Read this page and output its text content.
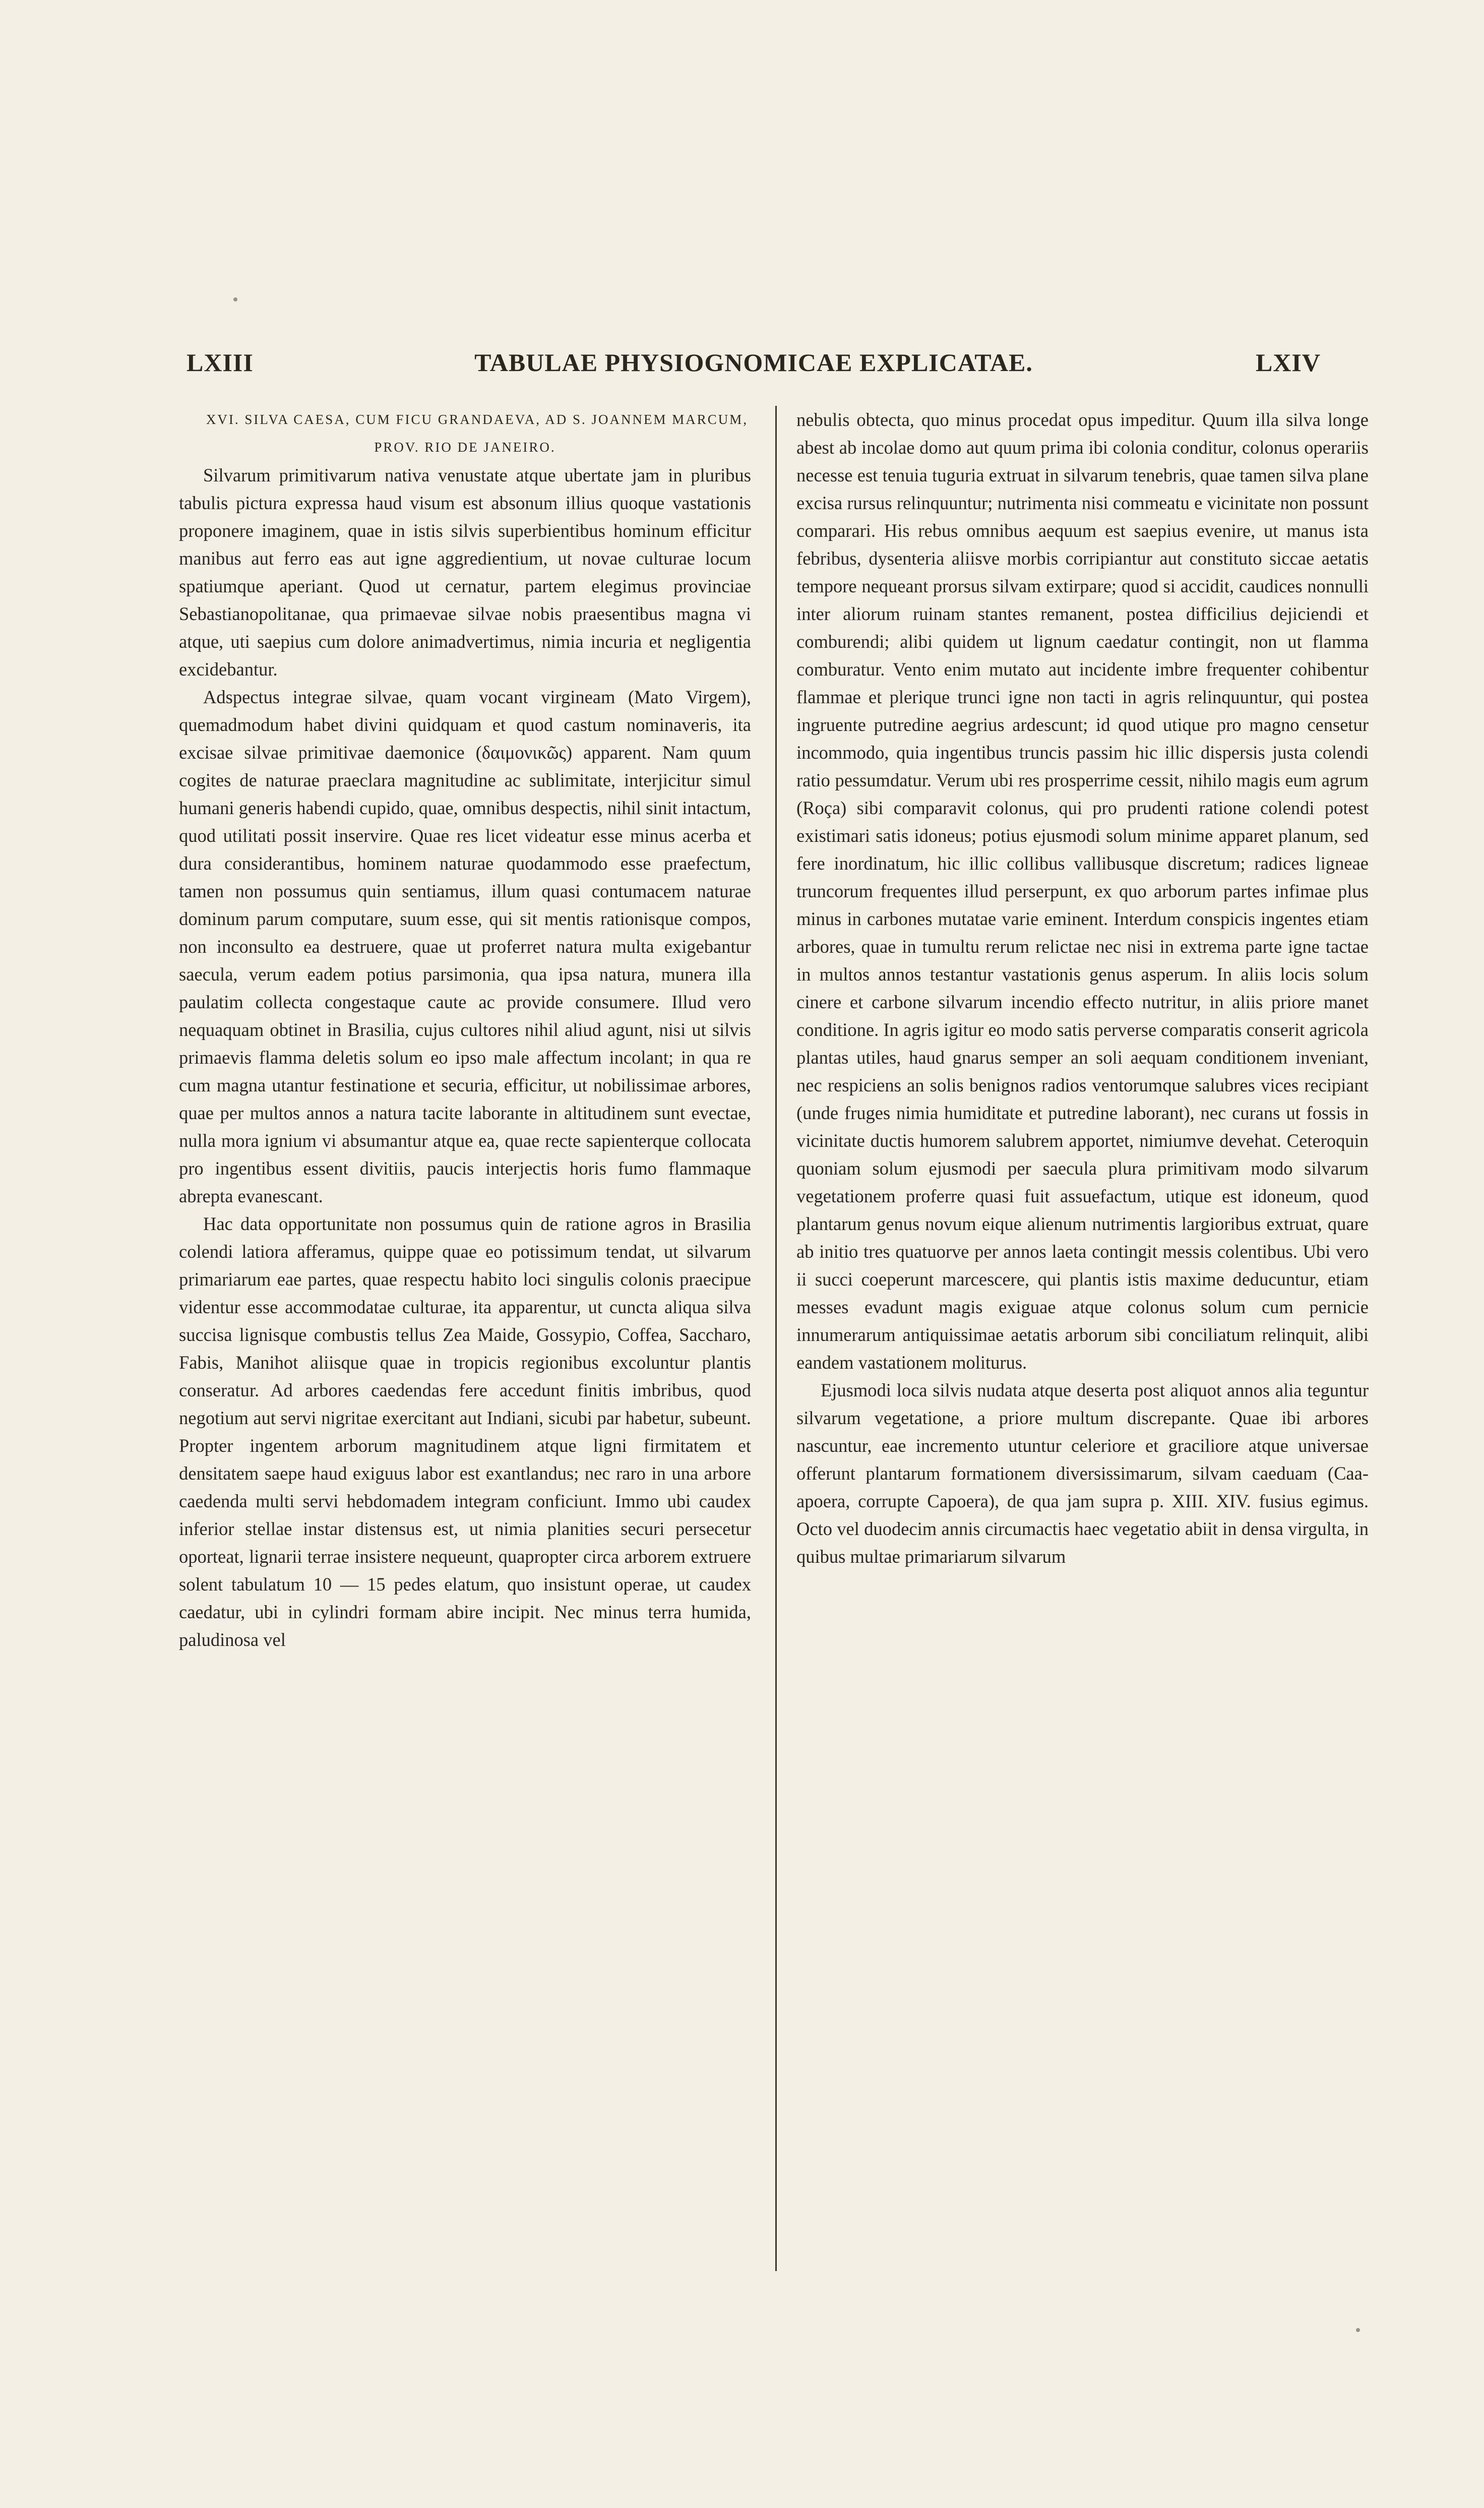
LXIII	TABULAE PHYSIOGNOMICAE EXPLICATAE.	LXIV

XVI. SILVA CAESA, CUM FICU GRANDAEVA, AD S. JOANNEM MARCUM, PROV. RIO DE JANEIRO.

Silvarum primitivarum nativa venustate atque ubertate jam in pluribus tabulis pictura expressa haud visum est absonum illius quoque vastationis proponere imaginem, quae in istis silvis superbientibus hominum efficitur manibus aut ferro eas aut igne aggredientium, ut novae culturae locum spatiumque aperiant. Quod ut cernatur, partem elegimus provinciae Sebastianopolitanae, qua primaevae silvae nobis praesentibus magna vi atque, uti saepius cum dolore animadvertimus, nimia incuria et negligentia excidebantur.

Adspectus integrae silvae, quam vocant virgineam (Mato Virgem), quemadmodum habet divini quidquam et quod castum nominaveris, ita excisae silvae primitivae daemonice (δαιμονικῶς) apparent. Nam quum cogites de naturae praeclara magnitudine ac sublimitate, interjicitur simul humani generis habendi cupido, quae, omnibus despectis, nihil sinit intactum, quod utilitati possit inservire. Quae res licet videatur esse minus acerba et dura considerantibus, hominem naturae quodammodo esse praefectum, tamen non possumus quin sentiamus, illum quasi contumacem naturae dominum parum computare, suum esse, qui sit mentis rationisque compos, non inconsulto ea destruere, quae ut proferret natura multa exigebantur saecula, verum eadem potius parsimonia, qua ipsa natura, munera illa paulatim collecta congestaque caute ac provide consumere. Illud vero nequaquam obtinet in Brasilia, cujus cultores nihil aliud agunt, nisi ut silvis primaevis flamma deletis solum eo ipso male affectum incolant; in qua re cum magna utantur festinatione et securia, efficitur, ut nobilissimae arbores, quae per multos annos a natura tacite laborante in altitudinem sunt evectae, nulla mora ignium vi absumantur atque ea, quae recte sapienterque collocata pro ingentibus essent divitiis, paucis interjectis horis fumo flammaque abrepta evanescant.

Hac data opportunitate non possumus quin de ratione agros in Brasilia colendi latiora afferamus, quippe quae eo potissimum tendat, ut silvarum primariarum eae partes, quae respectu habito loci singulis colonis praecipue videntur esse accommodatae culturae, ita apparentur, ut cuncta aliqua silva succisa lignisque combustis tellus Zea Maide, Gossypio, Coffea, Saccharo, Fabis, Manihot aliisque quae in tropicis regionibus excoluntur plantis conseratur. Ad arbores caedendas fere accedunt finitis imbribus, quod negotium aut servi nigritae exercitant aut Indiani, sicubi par habetur, subeunt. Propter ingentem arborum magnitudinem atque ligni firmitatem et densitatem saepe haud exiguus labor est exantlandus; nec raro in una arbore caedenda multi servi hebdomadem integram conficiunt. Immo ubi caudex inferior stellae instar distensus est, ut nimia planities securi persecetur oporteat, lignarii terrae insistere nequeunt, quapropter circa arborem extruere solent tabulatum 10 — 15 pedes elatum, quo insistunt operae, ut caudex caedatur, ubi in cylindri formam abire incipit. Nec minus terra humida, paludinosa vel

nebulis obtecta, quo minus procedat opus impeditur. Quum illa silva longe abest ab incolae domo aut quum prima ibi colonia conditur, colonus operariis necesse est tenuia tuguria extruat in silvarum tenebris, quae tamen silva plane excisa rursus relinquuntur; nutrimenta nisi commeatu e vicinitate non possunt comparari. His rebus omnibus aequum est saepius evenire, ut manus ista febribus, dysenteria aliisve morbis corripiantur aut constituto siccae aetatis tempore nequeant prorsus silvam extirpare; quod si accidit, caudices nonnulli inter aliorum ruinam stantes remanent, postea difficilius dejiciendi et comburendi; alibi quidem ut lignum caedatur contingit, non ut flamma comburatur. Vento enim mutato aut incidente imbre frequenter cohibentur flammae et plerique trunci igne non tacti in agris relinquuntur, qui postea ingruente putredine aegrius ardescunt; id quod utique pro magno censetur incommodo, quia ingentibus truncis passim hic illic dispersis justa colendi ratio pessumdatur. Verum ubi res prosperrime cessit, nihilo magis eum agrum (Roça) sibi comparavit colonus, qui pro prudenti ratione colendi potest existimari satis idoneus; potius ejusmodi solum minime apparet planum, sed fere inordinatum, hic illic collibus vallibusque discretum; radices ligneae truncorum frequentes illud perserpunt, ex quo arborum partes infimae plus minus in carbones mutatae varie eminent. Interdum conspicis ingentes etiam arbores, quae in tumultu rerum relictae nec nisi in extrema parte igne tactae in multos annos testantur vastationis genus asperum. In aliis locis solum cinere et carbone silvarum incendio effecto nutritur, in aliis priore manet conditione. In agris igitur eo modo satis perverse comparatis conserit agricola plantas utiles, haud gnarus semper an soli aequam conditionem inveniant, nec respiciens an solis benignos radios ventorumque salubres vices recipiant (unde fruges nimia humiditate et putredine laborant), nec curans ut fossis in vicinitate ductis humorem salubrem apportet, nimiumve devehat. Ceteroquin quoniam solum ejusmodi per saecula plura primitivam modo silvarum vegetationem proferre quasi fuit assuefactum, utique est idoneum, quod plantarum genus novum eique alienum nutrimentis largioribus extruat, quare ab initio tres quatuorve per annos laeta contingit messis colentibus. Ubi vero ii succi coeperunt marcescere, qui plantis istis maxime deducuntur, etiam messes evadunt magis exiguae atque colonus solum cum pernicie innumerarum antiquissimae aetatis arborum sibi conciliatum relinquit, alibi eandem vastationem moliturus.

Ejusmodi loca silvis nudata atque deserta post aliquot annos alia teguntur silvarum vegetatione, a priore multum discrepante. Quae ibi arbores nascuntur, eae incremento utuntur celeriore et graciliore atque universae offerunt plantarum formationem diversissimarum, silvam caeduam (Caa-apoera, corrupte Capoera), de qua jam supra p. XIII. XIV. fusius egimus. Octo vel duodecim annis circumactis haec vegetatio abiit in densa virgulta, in quibus multae primariarum silvarum
